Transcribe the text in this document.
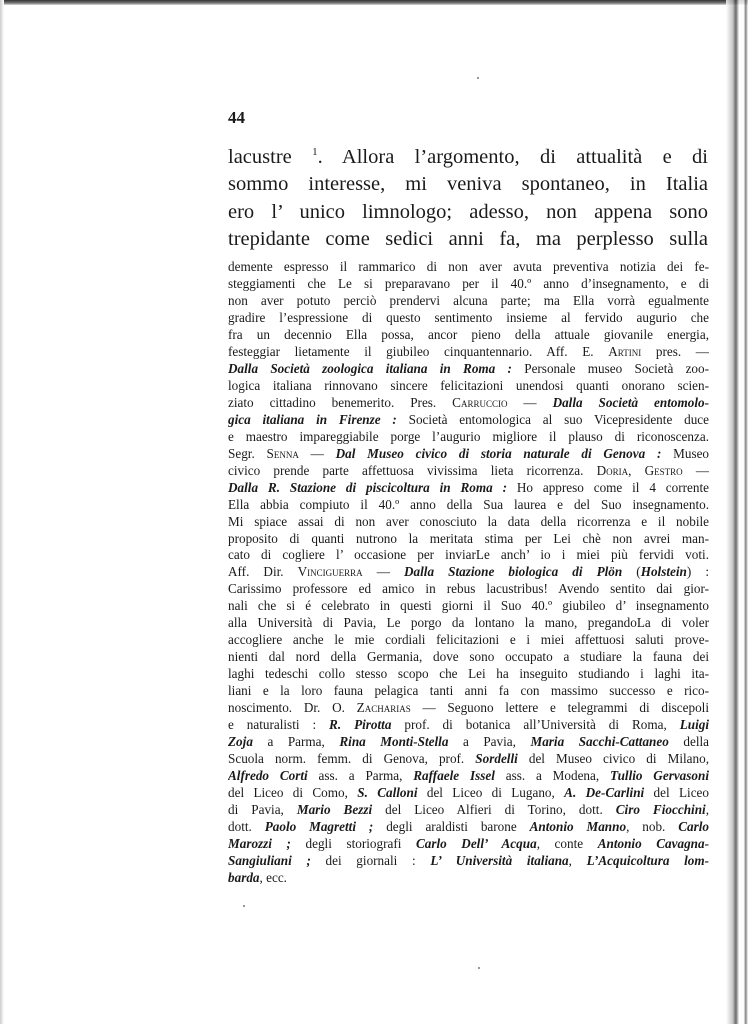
44
lacustre $^1$. Allora l’argomento, di attualità e di
sommo interesse, mi veniva spontaneo, in Italia
ero l’ unico limnologo; adesso, non appena sono
trepidante come sedici anni fa, ma perplesso sulla
demente espresso il rammarico di non aver avuta preventiva notizia dei fe-
steggiamenti che Le si preparavano per il 40.º anno d’insegnamento, e di
non aver potuto perciò prendervi alcuna parte; ma Ella vorrà egualmente
gradire l’espressione di questo sentimento insieme al fervido augurio che
fra un decennio Ella possa, ancor pieno della attuale giovanile energia,
festeggiar lietamente il giubileo cinquantennario. Aff. E. Artini pres. —
Dalla Società zoologica italiana in Roma : Personale museo Società zoo-
logica italiana rinnovano sincere felicitazioni unendosi quanti onorano scien-
ziato cittadino benemerito. Pres. Carruccio — Dalla Società entomolo-
gica italiana in Firenze : Società entomologica al suo Vicepresidente duce
e maestro impareggiabile porge l’augurio migliore il plauso di riconoscenza.
Segr. Senna — Dal Museo civico di storia naturale di Genova : Museo
civico prende parte affettuosa vivissima lieta ricorrenza. Doria, Gestro —
Dalla R. Stazione di piscicoltura in Roma : Ho appreso come il 4 corrente
Ella abbia compiuto il 40.º anno della Sua laurea e del Suo insegnamento.
Mi spiace assai di non aver conosciuto la data della ricorrenza e il nobile
proposito di quanti nutrono la meritata stima per Lei chè non avrei man-
cato di cogliere l’ occasione per inviarLe anch’ io i miei più fervidi voti.
Aff. Dir. Vinciguerra — Dalla Stazione biologica di Plön (Holstein) :
Carissimo professore ed amico in rebus lacustribus! Avendo sentito dai gior-
nali che si é celebrato in questi giorni il Suo 40.º giubileo d’ insegnamento
alla Università di Pavia, Le porgo da lontano la mano, pregandoLa di voler
accogliere anche le mie cordiali felicitazioni e i miei affettuosi saluti prove-
nienti dal nord della Germania, dove sono occupato a studiare la fauna dei
laghi tedeschi collo stesso scopo che Lei ha inseguito studiando i laghi ita-
liani e la loro fauna pelagica tanti anni fa con massimo successo e rico-
noscimento. Dr. O. Zacharias — Seguono lettere e telegrammi di discepoli
e naturalisti : R. Pirotta prof. di botanica all’Università di Roma, Luigi
Zoja a Parma, Rina Monti-Stella a Pavia, Maria Sacchi-Cattaneo della
Scuola norm. femm. di Genova, prof. Sordelli del Museo civico di Milano,
Alfredo Corti ass. a Parma, Raffaele Issel ass. a Modena, Tullio Gervasoni
del Liceo di Como, S. Calloni del Liceo di Lugano, A. De-Carlini del Liceo
di Pavia, Mario Bezzi del Liceo Alfieri di Torino, dott. Ciro Fiocchini,
dott. Paolo Magretti ; degli araldisti barone Antonio Manno, nob. Carlo
Marozzi ; degli storiografi Carlo Dell’ Acqua, conte Antonio Cavagna-
Sangiuliani ; dei giornali : L’ Università italiana, L’Acquicoltura lom-
barda, ecc.
